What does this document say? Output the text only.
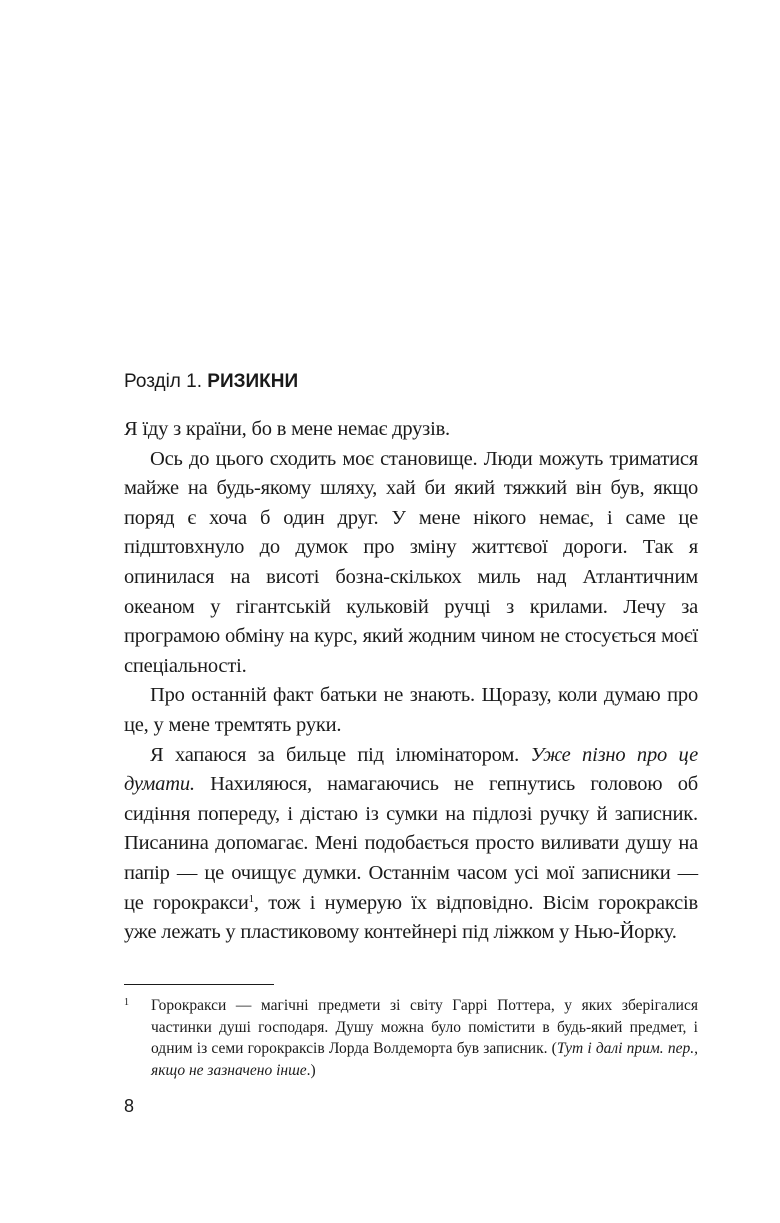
Розділ 1. РИЗИКНИ

Я їду з країни, бо в мене немає друзів.

Ось до цього сходить моє становище. Люди можуть триматися майже на будь-якому шляху, хай би який тяжкий він був, якщо поряд є хоча б один друг. У мене нікого немає, і саме це підштовхнуло до думок про зміну життєвої дороги. Так я опинилася на висоті бозна-скількох миль над Атлантичним океаном у гігантській кульковій ручці з крилами. Лечу за програмою обміну на курс, який жодним чином не стосується моєї спеціальності.

Про останній факт батьки не знають. Щоразу, коли думаю про це, у мене тремтять руки.

Я хапаюся за бильце під ілюмінатором. Уже пізно про це думати. Нахиляюся, намагаючись не гепнутись головою об сидіння попереду, і дістаю із сумки на підлозі ручку й записник. Писанина допомагає. Мені подобається просто виливати душу на папір — це очищує думки. Останнім часом усі мої записники — це горокракси$^1$, тож і нумерую їх відповідно. Вісім горокраксів уже лежать у пластиковому контейнері під ліжком у Нью-Йорку.

1 Горокракси — магічні предмети зі світу Гаррі Поттера, у яких зберігалися частинки душі господаря. Душу можна було помістити в будь-який предмет, і одним із семи горокраксів Лорда Волдеморта був записник. (Тут і далі прим. пер., якщо не зазначено інше.)
8
